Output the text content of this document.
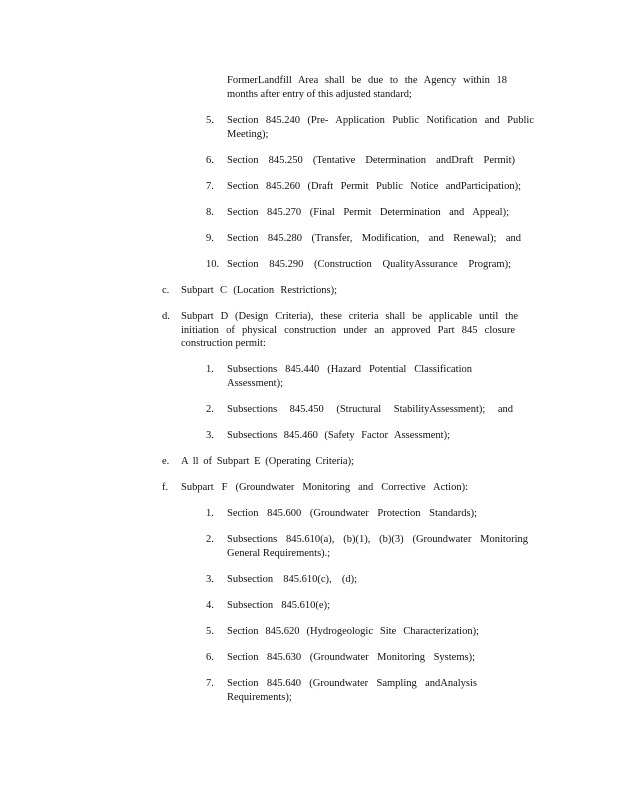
FormerLandfill Area shall be due to the Agency within 18
months after entry of this adjusted standard;
5. Section 845.240 (Pre- Application Public Notification and Public
Meeting);
6. Section 845.250 (Tentative Determination andDraft Permit)
7. Section 845.260 (Draft Permit Public Notice andParticipation);
8. Section 845.270 (Final Permit Determination and Appeal);
9. Section 845.280 (Transfer, Modification, and Renewal); and
10. Section 845.290 (Construction QualityAssurance Program);
c. Subpart C (Location Restrictions);
d. Subpart D (Design Criteria), these criteria shall be applicable until the
initiation of physical construction under an approved Part 845 closure
construction permit:
1. Subsections 845.440 (Hazard Potential Classification
Assessment);
2. Subsections 845.450 (Structural StabilityAssessment); and
3. Subsections 845.460 (Safety Factor Assessment);
e. A ll of Subpart E (Operating Criteria);
f. Subpart F (Groundwater Monitoring and Corrective Action):
1. Section 845.600 (Groundwater Protection Standards);
2. Subsections 845.610(a), (b)(1), (b)(3) (Groundwater Monitoring
General Requirements).;
3. Subsection 845.610(c), (d);
4. Subsection 845.610(e);
5. Section 845.620 (Hydrogeologic Site Characterization);
6. Section 845.630 (Groundwater Monitoring Systems);
7. Section 845.640 (Groundwater Sampling andAnalysis
Requirements);
